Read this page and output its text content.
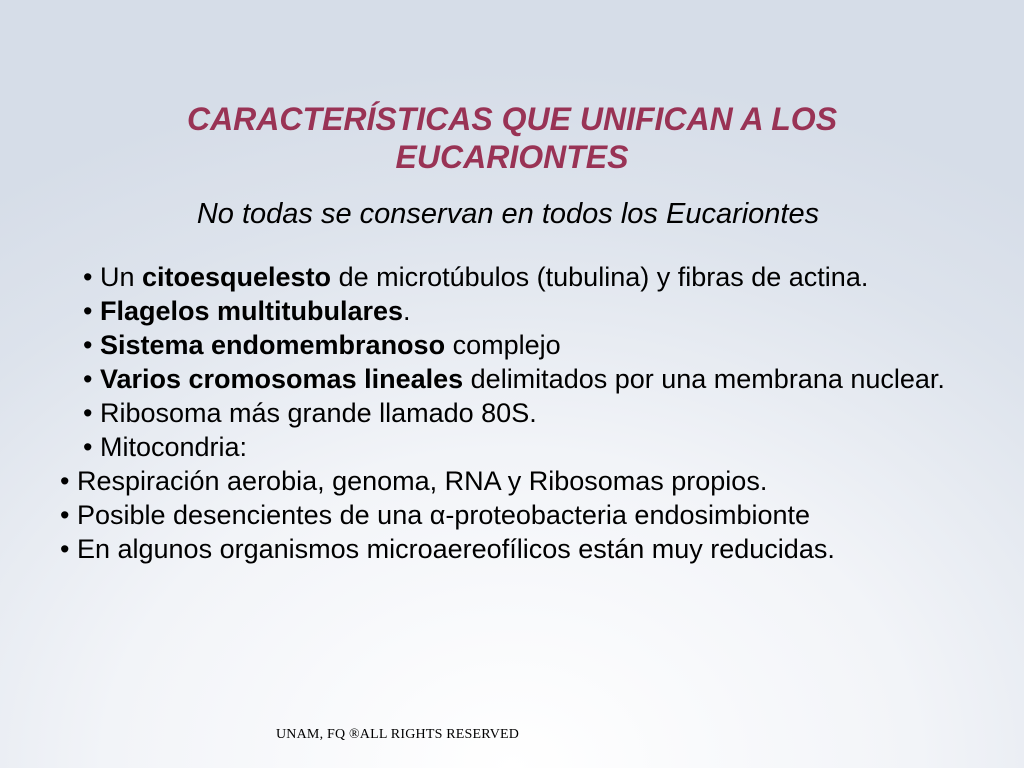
CARACTERÍSTICAS QUE UNIFICAN A LOS EUCARIONTES
No todas se conservan en todos los Eucariontes
• Un citoesquelesto de microtúbulos (tubulina) y fibras de actina.
• Flagelos multitubulares.
• Sistema endomembranoso complejo
• Varios cromosomas lineales delimitados por una membrana nuclear.
• Ribosoma más grande llamado 80S.
• Mitocondria:
• Respiración aerobia, genoma, RNA y Ribosomas propios.
• Posible desencientes de una α-proteobacteria endosimbionte
• En algunos organismos microaereofílicos están muy reducidas.
UNAM, FQ ®ALL RIGHTS RESERVED
